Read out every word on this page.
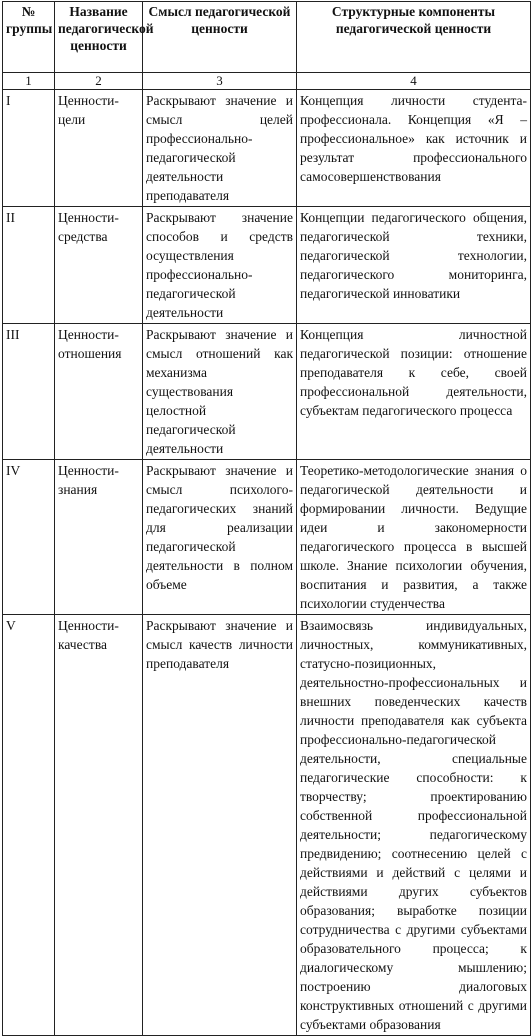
№ группы	Название педагогической ценности	Смысл педагогической ценности	Структурные компоненты педагогической ценности
1	2	3	4
I	Ценности-цели	Раскрывают значение и смысл целей профессионально-педагогической деятельности преподавателя	Концепция личности студента-профессионала. Концепция «Я – профессиональное» как источник и результат профессионального самосовершенствования
II	Ценности-средства	Раскрывают значение способов и средств осуществления профессионально-педагогической деятельности	Концепции педагогического общения, педагогической техники, педагогической технологии, педагогического мониторинга, педагогической инноватики
III	Ценности-отношения	Раскрывают значение и смысл отношений как механизма существования целостной педагогической деятельности	Концепция личностной педагогической позиции: отношение преподавателя к себе, своей профессиональной деятельности, субъектам педагогического процесса
IV	Ценности-знания	Раскрывают значение и смысл психолого-педагогических знаний для реализации педагогической деятельности в полном объеме	Теоретико-методологические знания о педагогической деятельности и формировании личности. Ведущие идеи и закономерности педагогического процесса в высшей школе. Знание психологии обучения, воспитания и развития, а также психологии студенчества
V	Ценности-качества	Раскрывают значение и смысл качеств личности преподавателя	Взаимосвязь индивидуальных, личностных, коммуникативных, статусно-позиционных, деятельностно-профессиональных и внешних поведенческих качеств личности преподавателя как субъекта профессионально-педагогической деятельности, специальные педагогические способности: к творчеству; проектированию собственной профессиональной деятельности; педагогическому предвидению; соотнесению целей с действиями и действий с целями и действиями других субъектов образования; выработке позиции сотрудничества с другими субъектами образовательного процесса; к диалогическому мышлению; построению диалоговых конструктивных отношений с другими субъектами образования
